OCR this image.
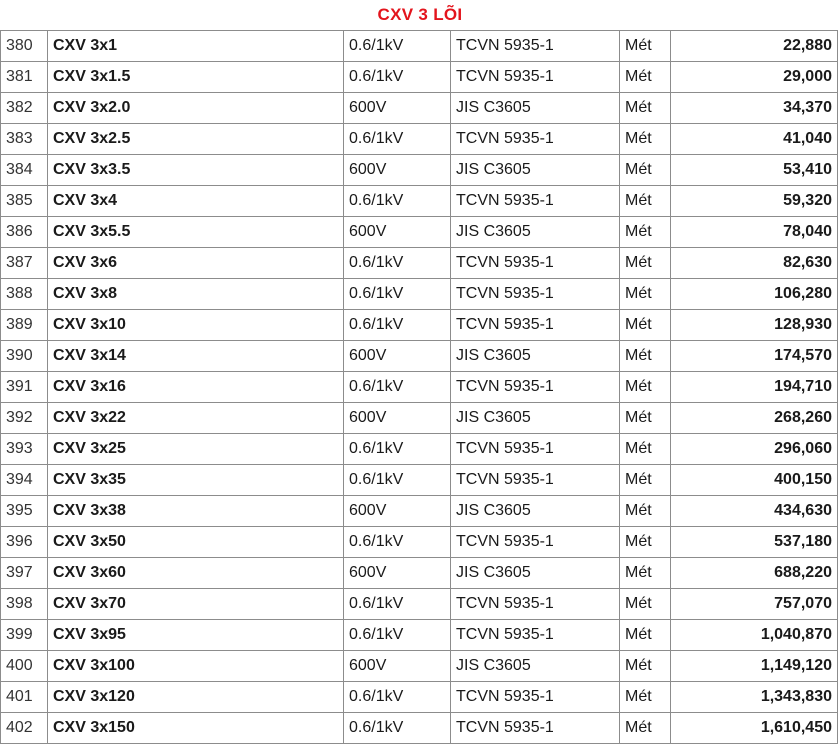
CXV 3 LÕI
380	CXV 3x1	0.6/1kV	TCVN 5935-1	Mét	22,880
381	CXV 3x1.5	0.6/1kV	TCVN 5935-1	Mét	29,000
382	CXV 3x2.0	600V	JIS C3605	Mét	34,370
383	CXV 3x2.5	0.6/1kV	TCVN 5935-1	Mét	41,040
384	CXV 3x3.5	600V	JIS C3605	Mét	53,410
385	CXV 3x4	0.6/1kV	TCVN 5935-1	Mét	59,320
386	CXV 3x5.5	600V	JIS C3605	Mét	78,040
387	CXV 3x6	0.6/1kV	TCVN 5935-1	Mét	82,630
388	CXV 3x8	0.6/1kV	TCVN 5935-1	Mét	106,280
389	CXV 3x10	0.6/1kV	TCVN 5935-1	Mét	128,930
390	CXV 3x14	600V	JIS C3605	Mét	174,570
391	CXV 3x16	0.6/1kV	TCVN 5935-1	Mét	194,710
392	CXV 3x22	600V	JIS C3605	Mét	268,260
393	CXV 3x25	0.6/1kV	TCVN 5935-1	Mét	296,060
394	CXV 3x35	0.6/1kV	TCVN 5935-1	Mét	400,150
395	CXV 3x38	600V	JIS C3605	Mét	434,630
396	CXV 3x50	0.6/1kV	TCVN 5935-1	Mét	537,180
397	CXV 3x60	600V	JIS C3605	Mét	688,220
398	CXV 3x70	0.6/1kV	TCVN 5935-1	Mét	757,070
399	CXV 3x95	0.6/1kV	TCVN 5935-1	Mét	1,040,870
400	CXV 3x100	600V	JIS C3605	Mét	1,149,120
401	CXV 3x120	0.6/1kV	TCVN 5935-1	Mét	1,343,830
402	CXV 3x150	0.6/1kV	TCVN 5935-1	Mét	1,610,450
